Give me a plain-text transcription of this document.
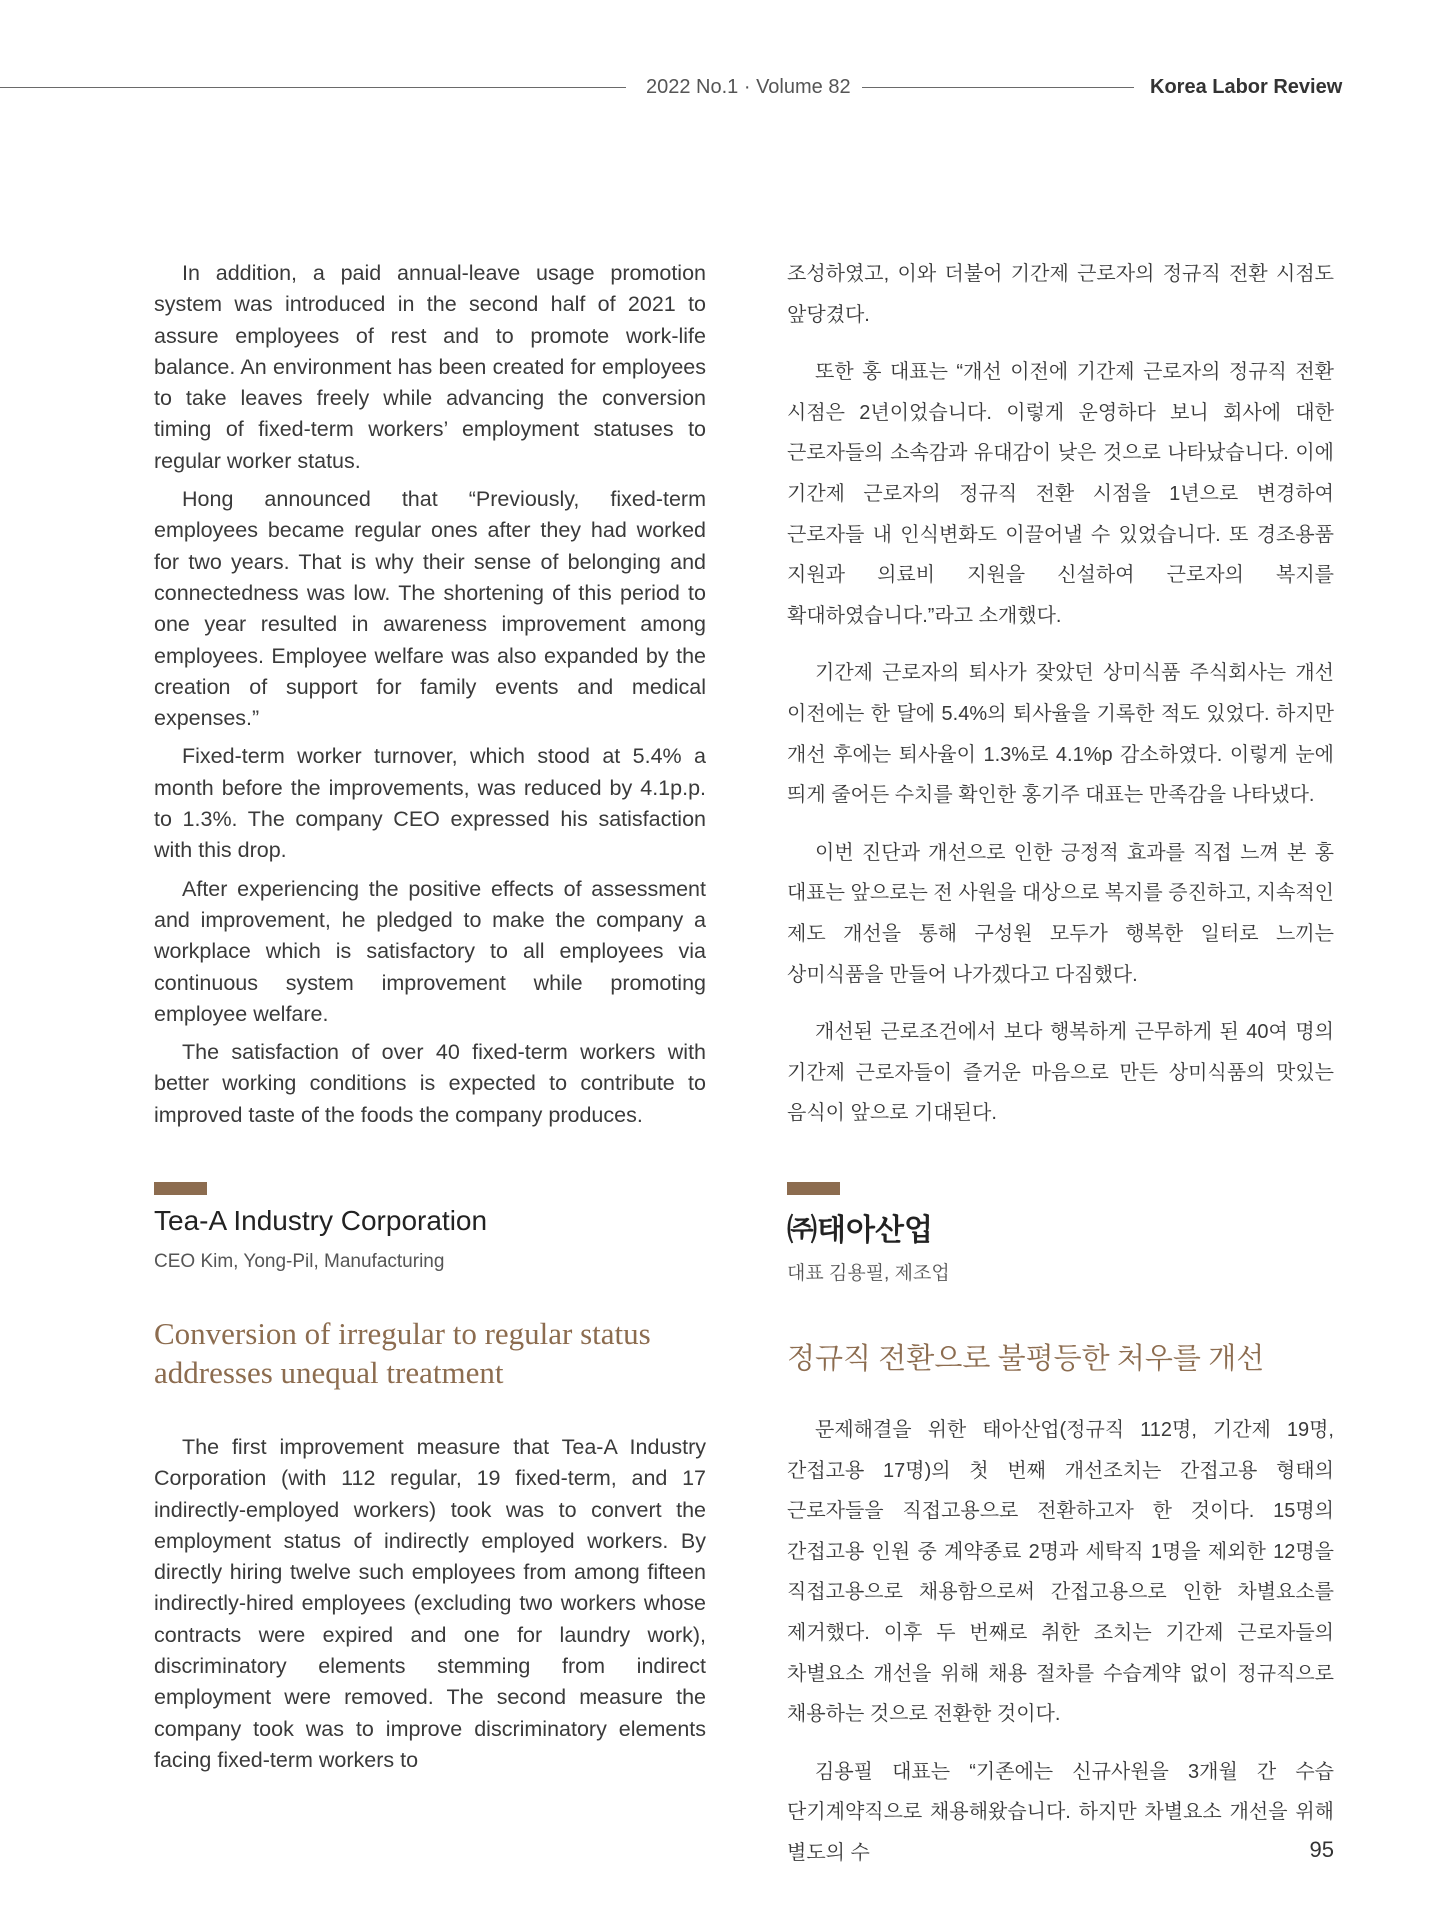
2022 No.1 · Volume 82	Korea Labor Review

In addition, a paid annual-leave usage promotion system was introduced in the second half of 2021 to assure employees of rest and to promote work-life balance. An environment has been created for employees to take leaves freely while advancing the conversion timing of fixed-term workers’ employment statuses to regular worker status.

Hong announced that “Previously, fixed-term employees became regular ones after they had worked for two years. That is why their sense of belonging and connectedness was low. The shortening of this period to one year resulted in awareness improvement among employees. Employee welfare was also expanded by the creation of support for family events and medical expenses.”

Fixed-term worker turnover, which stood at 5.4% a month before the improvements, was reduced by 4.1p.p. to 1.3%. The company CEO expressed his satisfaction with this drop.

After experiencing the positive effects of assessment and improvement, he pledged to make the company a workplace which is satisfactory to all employees via continuous system improvement while promoting employee welfare.

The satisfaction of over 40 fixed-term workers with better working conditions is expected to contribute to improved taste of the foods the company produces.

조성하였고, 이와 더불어 기간제 근로자의 정규직 전환 시점도 앞당겼다.

또한 홍 대표는 “개선 이전에 기간제 근로자의 정규직 전환 시점은 2년이었습니다. 이렇게 운영하다 보니 회사에 대한 근로자들의 소속감과 유대감이 낮은 것으로 나타났습니다. 이에 기간제 근로자의 정규직 전환 시점을 1년으로 변경하여 근로자들 내 인식변화도 이끌어낼 수 있었습니다. 또 경조용품 지원과 의료비 지원을 신설하여 근로자의 복지를 확대하였습니다.”라고 소개했다.

기간제 근로자의 퇴사가 잦았던 상미식품 주식회사는 개선 이전에는 한 달에 5.4%의 퇴사율을 기록한 적도 있었다. 하지만 개선 후에는 퇴사율이 1.3%로 4.1%p 감소하였다. 이렇게 눈에 띄게 줄어든 수치를 확인한 홍기주 대표는 만족감을 나타냈다.

이번 진단과 개선으로 인한 긍정적 효과를 직접 느껴 본 홍 대표는 앞으로는 전 사원을 대상으로 복지를 증진하고, 지속적인 제도 개선을 통해 구성원 모두가 행복한 일터로 느끼는 상미식품을 만들어 나가겠다고 다짐했다.

개선된 근로조건에서 보다 행복하게 근무하게 된 40여 명의 기간제 근로자들이 즐거운 마음으로 만든 상미식품의 맛있는 음식이 앞으로 기대된다.

Tea-A Industry Corporation
CEO Kim, Yong-Pil, Manufacturing
Conversion of irregular to regular status addresses unequal treatment

The first improvement measure that Tea-A Industry Corporation (with 112 regular, 19 fixed-term, and 17 indirectly-employed workers) took was to convert the employment status of indirectly employed workers. By directly hiring twelve such employees from among fifteen indirectly-hired employees (excluding two workers whose contracts were expired and one for laundry work), discriminatory elements stemming from indirect employment were removed. The second measure the company took was to improve discriminatory elements facing fixed-term workers to

㈜태아산업
대표 김용필, 제조업
정규직 전환으로 불평등한 처우를 개선

문제해결을 위한 태아산업(정규직 112명, 기간제 19명, 간접고용 17명)의 첫 번째 개선조치는 간접고용 형태의 근로자들을 직접고용으로 전환하고자 한 것이다. 15명의 간접고용 인원 중 계약종료 2명과 세탁직 1명을 제외한 12명을 직접고용으로 채용함으로써 간접고용으로 인한 차별요소를 제거했다. 이후 두 번째로 취한 조치는 기간제 근로자들의 차별요소 개선을 위해 채용 절차를 수습계약 없이 정규직으로 채용하는 것으로 전환한 것이다.

김용필 대표는 “기존에는 신규사원을 3개월 간 수습 단기계약직으로 채용해왔습니다. 하지만 차별요소 개선을 위해 별도의 수	95
